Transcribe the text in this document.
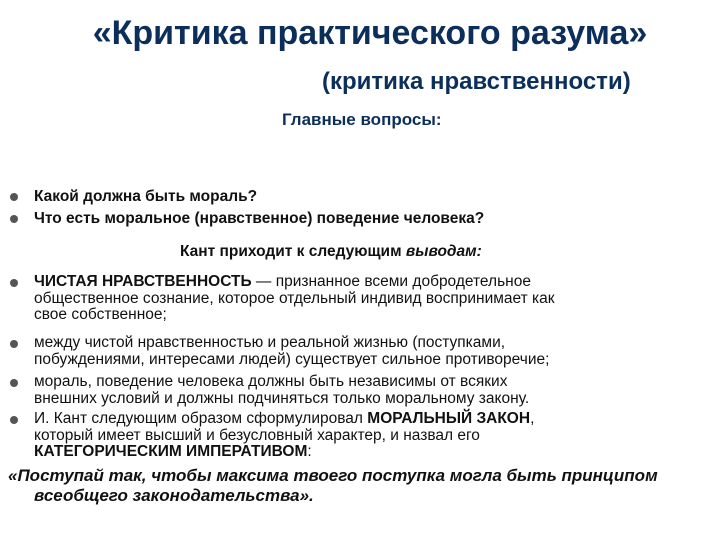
«Критика практического разума»
(критика нравственности)
Главные вопросы:
Какой должна быть мораль?
Что есть моральное (нравственное) поведение человека?
Кант приходит к следующим выводам:
ЧИСТАЯ НРАВСТВЕННОСТЬ — признанное всеми добродетельное
общественное сознание, которое отдельный индивид воспринимает как
свое собственное;
между чистой нравственностью и реальной жизнью (поступками,
побуждениями, интересами людей) существует сильное противоречие;
мораль, поведение человека должны быть независимы от всяких
внешних условий и должны подчиняться только моральному закону.
И. Кант следующим образом сформулировал МОРАЛЬНЫЙ ЗАКОН,
который имеет высший и безусловный характер, и назвал его
КАТЕГОРИЧЕСКИМ ИМПЕРАТИВОМ:
«Поступай так, чтобы максима твоего поступка могла быть принципом
всеобщего законодательства».
